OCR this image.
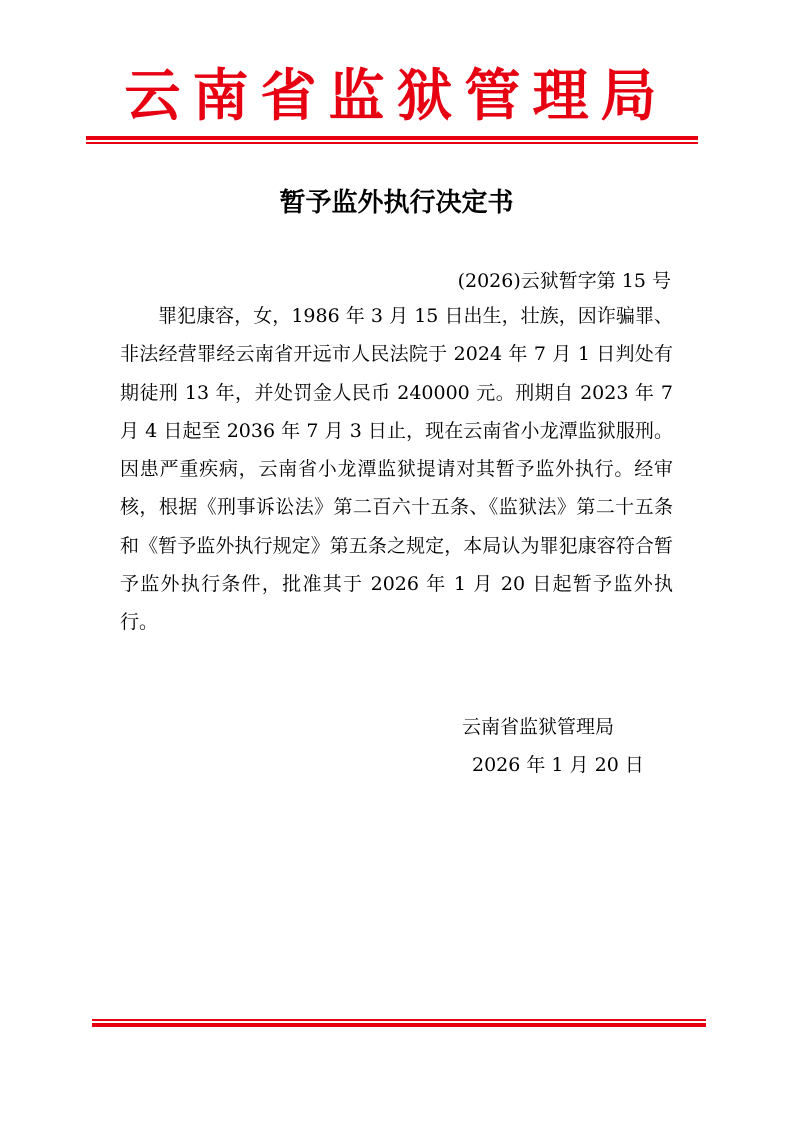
云南省监狱管理局
暂予监外执行决定书
(2026)云狱暂字第 15 号

罪犯康容，女，1986 年 3 月 15 日出生，壮族，因诈骗罪、非法经营罪经云南省开远市人民法院于 2024 年 7 月 1 日判处有期徒刑 13 年，并处罚金人民币 240000 元。刑期自 2023 年 7 月 4 日起至 2036 年 7 月 3 日止，现在云南省小龙潭监狱服刑。因患严重疾病，云南省小龙潭监狱提请对其暂予监外执行。经审核，根据《刑事诉讼法》第二百六十五条、《监狱法》第二十五条和《暂予监外执行规定》第五条之规定，本局认为罪犯康容符合暂予监外执行条件，批准其于 2026 年 1 月 20 日起暂予监外执行。

云南省监狱管理局
2026 年 1 月 20 日
